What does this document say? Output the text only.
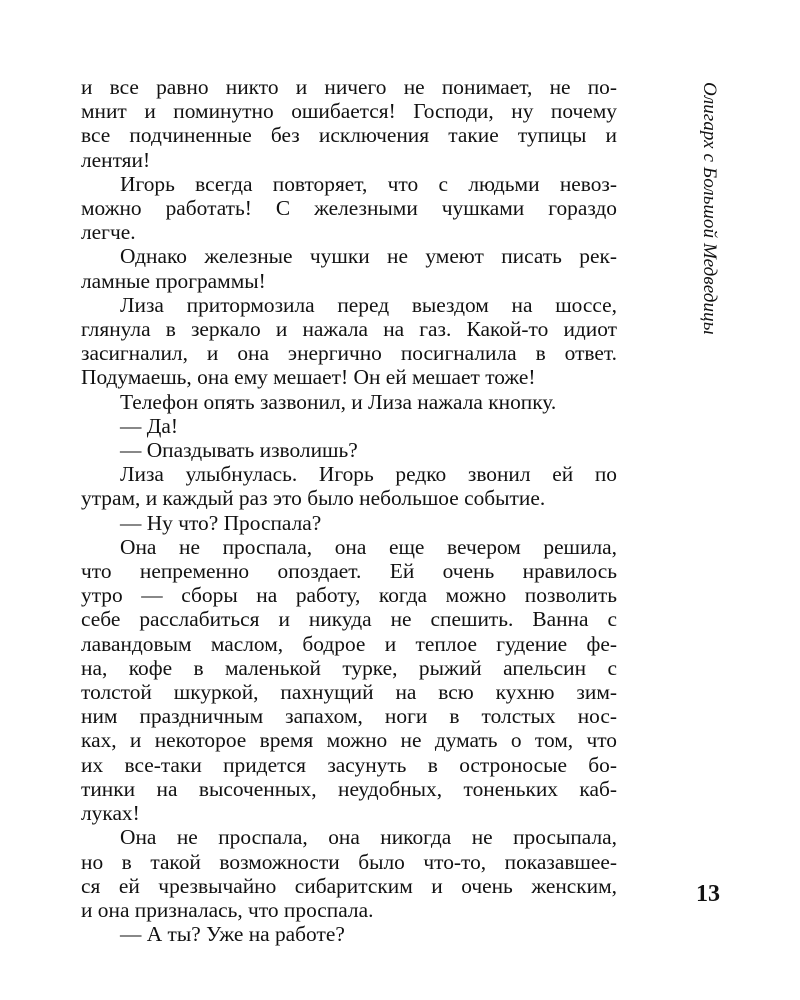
и все равно никто и ничего не понимает, не по-
мнит и поминутно ошибается! Господи, ну почему
все подчиненные без исключения такие тупицы и
лентяи!
Игорь всегда повторяет, что с людьми невоз-
можно работать! С железными чушками гораздо
легче.
Однако железные чушки не умеют писать рек-
ламные программы!
Лиза притормозила перед выездом на шоссе,
глянула в зеркало и нажала на газ. Какой-то идиот
засигналил, и она энергично посигналила в ответ.
Подумаешь, она ему мешает! Он ей мешает тоже!
Телефон опять зазвонил, и Лиза нажала кнопку.
— Да!
— Опаздывать изволишь?
Лиза улыбнулась. Игорь редко звонил ей по
утрам, и каждый раз это было небольшое событие.
— Ну что? Проспала?
Она не проспала, она еще вечером решила,
что непременно опоздает. Ей очень нравилось
утро — сборы на работу, когда можно позволить
себе расслабиться и никуда не спешить. Ванна с
лавандовым маслом, бодрое и теплое гудение фе-
на, кофе в маленькой турке, рыжий апельсин с
толстой шкуркой, пахнущий на всю кухню зим-
ним праздничным запахом, ноги в толстых нос-
ках, и некоторое время можно не думать о том, что
их все-таки придется засунуть в остроносые бо-
тинки на высоченных, неудобных, тоненьких каб-
луках!
Она не проспала, она никогда не просыпала,
но в такой возможности было что-то, показавшее-
ся ей чрезвычайно сибаритским и очень женским,
и она призналась, что проспала.
— А ты? Уже на работе?
Олигарх с Большой Медведицы
13
